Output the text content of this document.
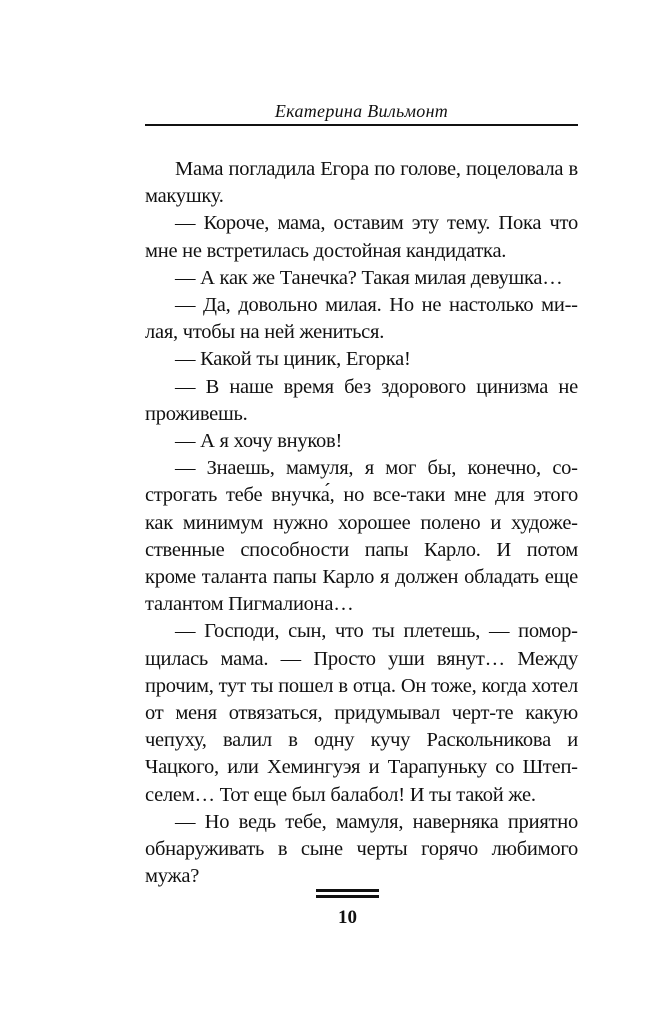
Екатерина Вильмонт

Мама погладила Егора по голове, поцеловала в макушку.

— Короче, мама, оставим эту тему. Пока что мне не встретилась достойная кандидатка.

— А как же Танечка? Такая милая девушка…

— Да, довольно милая. Но не настолько ми-лая, чтобы на ней жениться.

— Какой ты циник, Егорка!

— В наше время без здорового цинизма не проживешь.

— А я хочу внуков!

— Знаешь, мамуля, я мог бы, конечно, сострогать тебе внучка́, но все-таки мне для этого как минимум нужно хорошее полено и художественные способности папы Карло. И потом кроме таланта папы Карло я должен обладать еще талантом Пигмалиона…

— Господи, сын, что ты плетешь, — поморщилась мама. — Просто уши вянут… Между прочим, тут ты пошел в отца. Он тоже, когда хотел от меня отвязаться, придумывал черт-те какую чепуху, валил в одну кучу Раскольникова и Чацкого, или Хемингуэя и Тарапуньку со Штепселем… Тот еще был балабол! И ты такой же.

— Но ведь тебе, мамуля, наверняка приятно обнаруживать в сыне черты горячо любимого мужа?

10
